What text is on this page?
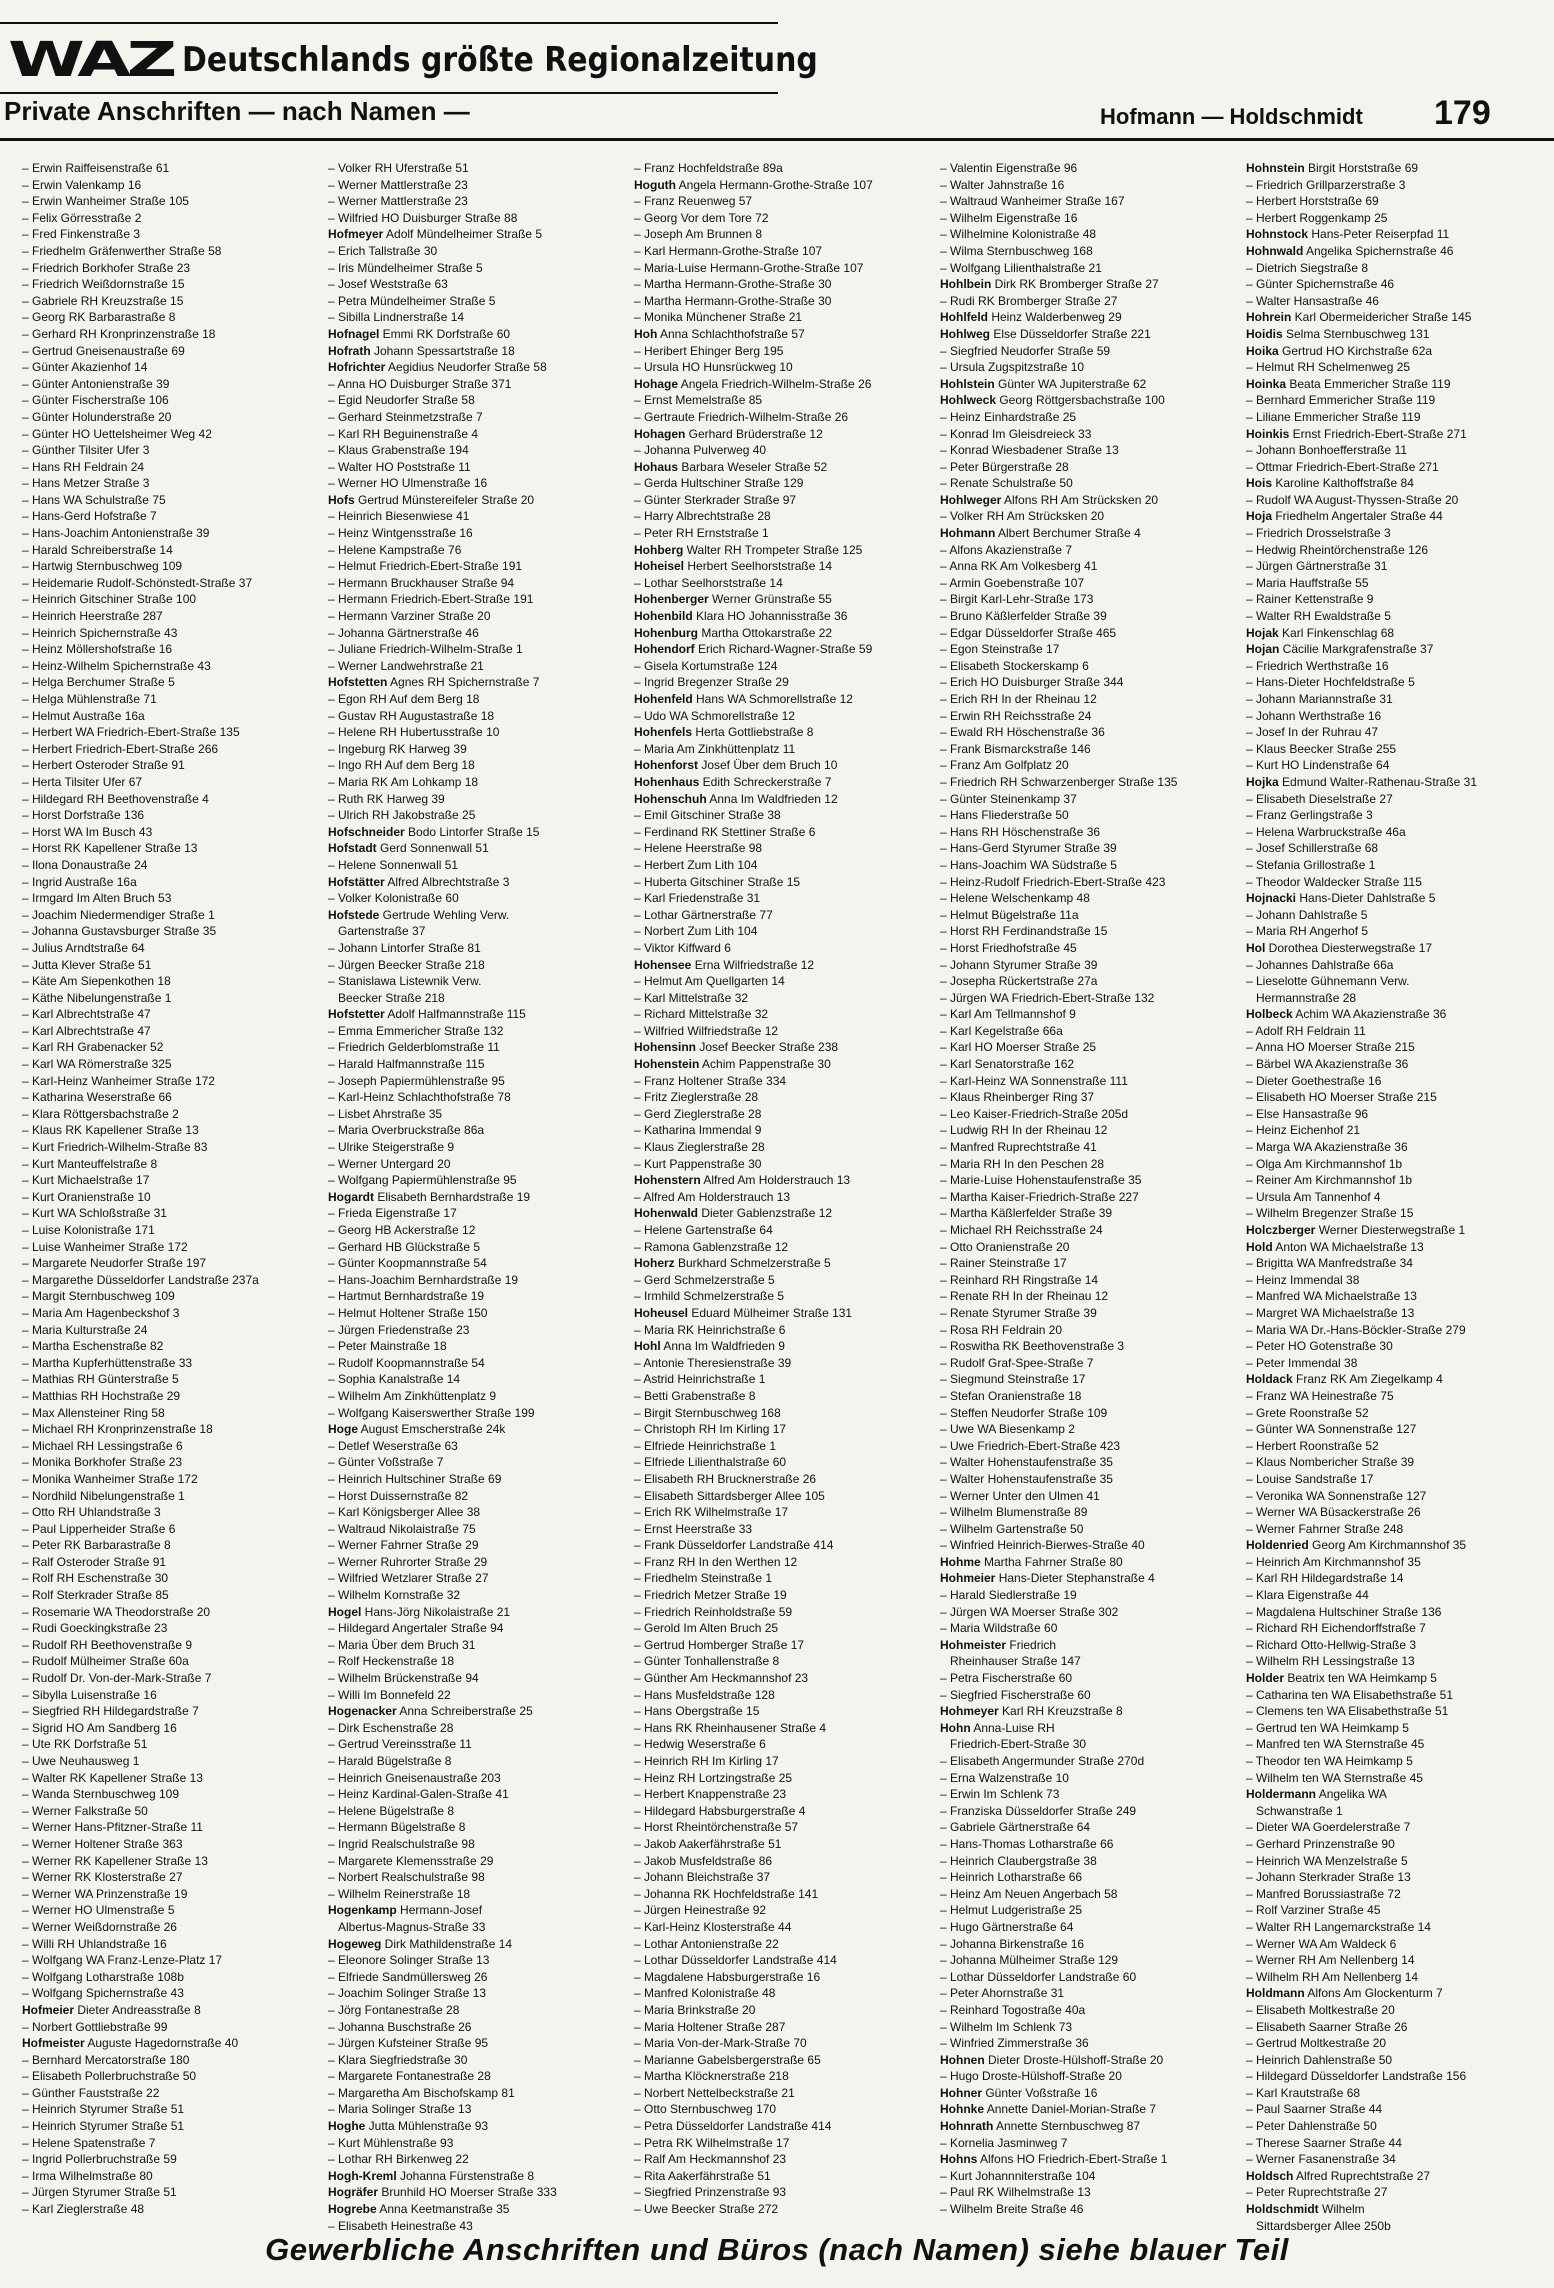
WAZ Deutschlands größte Regionalzeitung
Private Anschriften — nach Namen —	Hofmann — Holdschmidt 179
– Erwin Raiffeisenstraße 61
– Erwin Valenkamp 16
– Erwin Wanheimer Straße 105
– Felix Görresstraße 2
– Fred Finkenstraße 3
– Friedhelm Gräfenwerther Straße 58
– Friedrich Borkhofer Straße 23
– Friedrich Weißdornstraße 15
– Gabriele RH Kreuzstraße 15
– Georg RK Barbarastraße 8
– Gerhard RH Kronprinzenstraße 18
– Gertrud Gneisenaustraße 69
– Günter Akazienhof 14
– Günter Antonienstraße 39
– Günter Fischerstraße 106
– Günter Holunderstraße 20
– Günter HO Uettelsheimer Weg 42
– Günther Tilsiter Ufer 3
– Hans RH Feldrain 24
– Hans Metzer Straße 3
– Hans WA Schulstraße 75
– Hans-Gerd Hofstraße 7
– Hans-Joachim Antonienstraße 39
– Harald Schreiberstraße 14
– Hartwig Sternbuschweg 109
– Heidemarie Rudolf-Schönstedt-Straße 37
– Heinrich Gitschiner Straße 100
– Heinrich Heerstraße 287
– Heinrich Spichernstraße 43
– Heinz Möllershofstraße 16
– Heinz-Wilhelm Spichernstraße 43
– Helga Berchumer Straße 5
– Helga Mühlenstraße 71
– Helmut Austraße 16a
– Herbert WA Friedrich-Ebert-Straße 135
– Herbert Friedrich-Ebert-Straße 266
– Herbert Osteroder Straße 91
– Herta Tilsiter Ufer 67
– Hildegard RH Beethovenstraße 4
– Horst Dorfstraße 136
– Horst WA Im Busch 43
– Horst RK Kapellener Straße 13
– Ilona Donaustraße 24
– Ingrid Austraße 16a
– Irmgard Im Alten Bruch 53
– Joachim Niedermendiger Straße 1
– Johanna Gustavsburger Straße 35
– Julius Arndtstraße 64
– Jutta Klever Straße 51
– Käte Am Siepenkothen 18
– Käthe Nibelungenstraße 1
– Karl Albrechtstraße 47
– Karl Albrechtstraße 47
– Karl RH Grabenacker 52
– Karl WA Römerstraße 325
– Karl-Heinz Wanheimer Straße 172
– Katharina Weserstraße 66
– Klara Röttgersbachstraße 2
– Klaus RK Kapellener Straße 13
– Kurt Friedrich-Wilhelm-Straße 83
– Kurt Manteuffelstraße 8
– Kurt Michaelstraße 17
– Kurt Oranienstraße 10
– Kurt WA Schloßstraße 31
– Luise Kolonistraße 171
– Luise Wanheimer Straße 172
– Margarete Neudorfer Straße 197
– Margarethe Düsseldorfer Landstraße 237a
– Margit Sternbuschweg 109
– Maria Am Hagenbeckshof 3
– Maria Kulturstraße 24
– Martha Eschenstraße 82
– Martha Kupferhüttenstraße 33
– Mathias RH Günterstraße 5
– Matthias RH Hochstraße 29
– Max Allensteiner Ring 58
– Michael RH Kronprinzenstraße 18
– Michael RH Lessingstraße 6
– Monika Borkhofer Straße 23
– Monika Wanheimer Straße 172
– Nordhild Nibelungenstraße 1
– Otto RH Uhlandstraße 3
– Paul Lipperheider Straße 6
– Peter RK Barbarastraße 8
– Ralf Osteroder Straße 91
– Rolf RH Eschenstraße 30
– Rolf Sterkrader Straße 85
– Rosemarie WA Theodorstraße 20
– Rudi Goeckingkstraße 23
– Rudolf RH Beethovenstraße 9
– Rudolf Mülheimer Straße 60a
– Rudolf Dr. Von-der-Mark-Straße 7
– Sibylla Luisenstraße 16
– Siegfried RH Hildegardstraße 7
– Sigrid HO Am Sandberg 16
– Ute RK Dorfstraße 51
– Uwe Neuhausweg 1
– Walter RK Kapellener Straße 13
– Wanda Sternbuschweg 109
– Werner Falkstraße 50
– Werner Hans-Pfitzner-Straße 11
– Werner Holtener Straße 363
– Werner RK Kapellener Straße 13
– Werner RK Klosterstraße 27
– Werner WA Prinzenstraße 19
– Werner HO Ulmenstraße 5
– Werner Weißdornstraße 26
– Willi RH Uhlandstraße 16
– Wolfgang WA Franz-Lenze-Platz 17
– Wolfgang Lotharstraße 108b
– Wolfgang Spichernstraße 43
Hofmeier Dieter Andreasstraße 8
– Norbert Gottliebstraße 99
Hofmeister Auguste Hagedornstraße 40
– Bernhard Mercatorstraße 180
– Elisabeth Pollerbruchstraße 50
– Günther Fauststraße 22
– Heinrich Styrumer Straße 51
– Heinrich Styrumer Straße 51
– Helene Spatenstraße 7
– Ingrid Pollerbruchstraße 59
– Irma Wilhelmstraße 80
– Jürgen Styrumer Straße 51
– Karl Zieglerstraße 48
– Volker RH Uferstraße 51
– Werner Mattlerstraße 23
– Werner Mattlerstraße 23
– Wilfried HO Duisburger Straße 88
Hofmeyer Adolf Mündelheimer Straße 5
– Erich Tallstraße 30
– Iris Mündelheimer Straße 5
– Josef Weststraße 63
– Petra Mündelheimer Straße 5
– Sibilla Lindnerstraße 14
Hofnagel Emmi RK Dorfstraße 60
Hofrath Johann Spessartstraße 18
Hofrichter Aegidius Neudorfer Straße 58
– Anna HO Duisburger Straße 371
– Egid Neudorfer Straße 58
– Gerhard Steinmetzstraße 7
– Karl RH Beguinenstraße 4
– Klaus Grabenstraße 194
– Walter HO Poststraße 11
– Werner HO Ulmenstraße 16
Hofs Gertrud Münstereifeler Straße 20
– Heinrich Biesenwiese 41
– Heinz Wintgensstraße 16
– Helene Kampstraße 76
– Helmut Friedrich-Ebert-Straße 191
– Hermann Bruckhauser Straße 94
– Hermann Friedrich-Ebert-Straße 191
– Hermann Varziner Straße 20
– Johanna Gärtnerstraße 46
– Juliane Friedrich-Wilhelm-Straße 1
– Werner Landwehrstraße 21
Hofstetten Agnes RH Spichernstraße 7
– Egon RH Auf dem Berg 18
– Gustav RH Augustastraße 18
– Helene RH Hubertusstraße 10
– Ingeburg RK Harweg 39
– Ingo RH Auf dem Berg 18
– Maria RK Am Lohkamp 18
– Ruth RK Harweg 39
– Ulrich RH Jakobstraße 25
Hofschneider Bodo Lintorfer Straße 15
Hofstadt Gerd Sonnenwall 51
– Helene Sonnenwall 51
Hofstätter Alfred Albrechtstraße 3
– Volker Kolonistraße 60
Hofstede Gertrude Wehling Verw.
Gartenstraße 37
– Johann Lintorfer Straße 81
– Jürgen Beecker Straße 218
– Stanislawa Listewnik Verw.
Beecker Straße 218
Hofstetter Adolf Halfmannstraße 115
– Emma Emmericher Straße 132
– Friedrich Gelderblomstraße 11
– Harald Halfmannstraße 115
– Joseph Papiermühlenstraße 95
– Karl-Heinz Schlachthofstraße 78
– Lisbet Ahrstraße 35
– Maria Overbruckstraße 86a
– Ulrike Steigerstraße 9
– Werner Untergard 20
– Wolfgang Papiermühlenstraße 95
Hogardt Elisabeth Bernhardstraße 19
– Frieda Eigenstraße 17
– Georg HB Ackerstraße 12
– Gerhard HB Glückstraße 5
– Günter Koopmannstraße 54
– Hans-Joachim Bernhardstraße 19
– Hartmut Bernhardstraße 19
– Helmut Holtener Straße 150
– Jürgen Friedenstraße 23
– Peter Mainstraße 18
– Rudolf Koopmannstraße 54
– Sophia Kanalstraße 14
– Wilhelm Am Zinkhüttenplatz 9
– Wolfgang Kaiserswerther Straße 199
Hoge August Emscherstraße 24k
– Detlef Weserstraße 63
– Günter Voßstraße 7
– Heinrich Hultschiner Straße 69
– Horst Duissernstraße 82
– Karl Königsberger Allee 38
– Waltraud Nikolaistraße 75
– Werner Fahrner Straße 29
– Werner Ruhrorter Straße 29
– Wilfried Wetzlarer Straße 27
– Wilhelm Kornstraße 32
Hogel Hans-Jörg Nikolaistraße 21
– Hildegard Angertaler Straße 94
– Maria Über dem Bruch 31
– Rolf Heckenstraße 18
– Wilhelm Brückenstraße 94
– Willi Im Bonnefeld 22
Hogenacker Anna Schreiberstraße 25
– Dirk Eschenstraße 28
– Gertrud Vereinsstraße 11
– Harald Bügelstraße 8
– Heinrich Gneisenaustraße 203
– Heinz Kardinal-Galen-Straße 41
– Helene Bügelstraße 8
– Hermann Bügelstraße 8
– Ingrid Realschulstraße 98
– Margarete Klemensstraße 29
– Norbert Realschulstraße 98
– Wilhelm Reinerstraße 18
Hogenkamp Hermann-Josef
Albertus-Magnus-Straße 33
Hogeweg Dirk Mathildenstraße 14
– Eleonore Solinger Straße 13
– Elfriede Sandmüllersweg 26
– Joachim Solinger Straße 13
– Jörg Fontanestraße 28
– Johanna Buschstraße 26
– Jürgen Kufsteiner Straße 95
– Klara Siegfriedstraße 30
– Margarete Fontanestraße 28
– Margaretha Am Bischofskamp 81
– Maria Solinger Straße 13
Hoghe Jutta Mühlenstraße 93
– Kurt Mühlenstraße 93
– Lothar RH Birkenweg 22
Hogh-Kreml Johanna Fürstenstraße 8
Hogräfer Brunhild HO Moerser Straße 333
Hogrebe Anna Keetmanstraße 35
– Elisabeth Heinestraße 43
– Franz Hochfeldstraße 89a
Hoguth Angela Hermann-Grothe-Straße 107
– Franz Reuenweg 57
– Georg Vor dem Tore 72
– Joseph Am Brunnen 8
– Karl Hermann-Grothe-Straße 107
– Maria-Luise Hermann-Grothe-Straße 107
– Martha Hermann-Grothe-Straße 30
– Martha Hermann-Grothe-Straße 30
– Monika Münchener Straße 21
Hoh Anna Schlachthofstraße 57
– Heribert Ehinger Berg 195
– Ursula HO Hunsrückweg 10
Hohage Angela Friedrich-Wilhelm-Straße 26
– Ernst Memelstraße 85
– Gertraute Friedrich-Wilhelm-Straße 26
Hohagen Gerhard Brüderstraße 12
– Johanna Pulverweg 40
Hohaus Barbara Weseler Straße 52
– Gerda Hultschiner Straße 129
– Günter Sterkrader Straße 97
– Harry Albrechtstraße 28
– Peter RH Ernststraße 1
Hohberg Walter RH Trompeter Straße 125
Hoheisel Herbert Seelhorststraße 14
– Lothar Seelhorststraße 14
Hohenberger Werner Grünstraße 55
Hohenbild Klara HO Johannisstraße 36
Hohenburg Martha Ottokarstraße 22
Hohendorf Erich Richard-Wagner-Straße 59
– Gisela Kortumstraße 124
– Ingrid Bregenzer Straße 29
Hohenfeld Hans WA Schmorellstraße 12
– Udo WA Schmorellstraße 12
Hohenfels Herta Gottliebstraße 8
– Maria Am Zinkhüttenplatz 11
Hohenforst Josef Über dem Bruch 10
Hohenhaus Edith Schreckerstraße 7
Hohenschuh Anna Im Waldfrieden 12
– Emil Gitschiner Straße 38
– Ferdinand RK Stettiner Straße 6
– Helene Heerstraße 98
– Herbert Zum Lith 104
– Huberta Gitschiner Straße 15
– Karl Friedenstraße 31
– Lothar Gärtnerstraße 77
– Norbert Zum Lith 104
– Viktor Kiffward 6
Hohensee Erna Wilfriedstraße 12
– Helmut Am Quellgarten 14
– Karl Mittelstraße 32
– Richard Mittelstraße 32
– Wilfried Wilfriedstraße 12
Hohensinn Josef Beecker Straße 238
Hohenstein Achim Pappenstraße 30
– Franz Holtener Straße 334
– Fritz Zieglerstraße 28
– Gerd Zieglerstraße 28
– Katharina Immendal 9
– Klaus Zieglerstraße 28
– Kurt Pappenstraße 30
Hohenstern Alfred Am Holderstrauch 13
– Alfred Am Holderstrauch 13
Hohenwald Dieter Gablenzstraße 12
– Helene Gartenstraße 64
– Ramona Gablenzstraße 12
Hoherz Burkhard Schmelzerstraße 5
– Gerd Schmelzerstraße 5
– Irmhild Schmelzerstraße 5
Hoheusel Eduard Mülheimer Straße 131
– Maria RK Heinrichstraße 6
Hohl Anna Im Waldfrieden 9
– Antonie Theresienstraße 39
– Astrid Heinrichstraße 1
– Betti Grabenstraße 8
– Birgit Sternbuschweg 168
– Christoph RH Im Kirling 17
– Elfriede Heinrichstraße 1
– Elfriede Lilienthalstraße 60
– Elisabeth RH Brucknerstraße 26
– Elisabeth Sittardsberger Allee 105
– Erich RK Wilhelmstraße 17
– Ernst Heerstraße 33
– Frank Düsseldorfer Landstraße 414
– Franz RH In den Werthen 12
– Friedhelm Steinstraße 1
– Friedrich Metzer Straße 19
– Friedrich Reinholdstraße 59
– Gerold Im Alten Bruch 25
– Gertrud Homberger Straße 17
– Günter Tonhallenstraße 8
– Günther Am Heckmannshof 23
– Hans Musfeldstraße 128
– Hans Obergstraße 15
– Hans RK Rheinhausener Straße 4
– Hedwig Weserstraße 6
– Heinrich RH Im Kirling 17
– Heinz RH Lortzingstraße 25
– Herbert Knappenstraße 23
– Hildegard Habsburgerstraße 4
– Horst Rheintörchenstraße 57
– Jakob Aakerfährstraße 51
– Jakob Musfeldstraße 86
– Johann Bleichstraße 37
– Johanna RK Hochfeldstraße 141
– Jürgen Heinestraße 92
– Karl-Heinz Klosterstraße 44
– Lothar Antonienstraße 22
– Lothar Düsseldorfer Landstraße 414
– Magdalene Habsburgerstraße 16
– Manfred Kolonistraße 48
– Maria Brinkstraße 20
– Maria Holtener Straße 287
– Maria Von-der-Mark-Straße 70
– Marianne Gabelsbergerstraße 65
– Martha Klöcknerstraße 218
– Norbert Nettelbeckstraße 21
– Otto Sternbuschweg 170
– Petra Düsseldorfer Landstraße 414
– Petra RK Wilhelmstraße 17
– Ralf Am Heckmannshof 23
– Rita Aakerfährstraße 51
– Siegfried Prinzenstraße 93
– Uwe Beecker Straße 272
– Valentin Eigenstraße 96
– Walter Jahnstraße 16
– Waltraud Wanheimer Straße 167
– Wilhelm Eigenstraße 16
– Wilhelmine Kolonistraße 48
– Wilma Sternbuschweg 168
– Wolfgang Lilienthalstraße 21
Hohlbein Dirk RK Bromberger Straße 27
– Rudi RK Bromberger Straße 27
Hohlfeld Heinz Walderbenweg 29
Hohlweg Else Düsseldorfer Straße 221
– Siegfried Neudorfer Straße 59
– Ursula Zugspitzstraße 10
Hohlstein Günter WA Jupiterstraße 62
Hohlweck Georg Röttgersbachstraße 100
– Heinz Einhardstraße 25
– Konrad Im Gleisdreieck 33
– Konrad Wiesbadener Straße 13
– Peter Bürgerstraße 28
– Renate Schulstraße 50
Hohlweger Alfons RH Am Strücksken 20
– Volker RH Am Strücksken 20
Hohmann Albert Berchumer Straße 4
– Alfons Akazienstraße 7
– Anna RK Am Volkesberg 41
– Armin Goebenstraße 107
– Birgit Karl-Lehr-Straße 173
– Bruno Käßlerfelder Straße 39
– Edgar Düsseldorfer Straße 465
– Egon Steinstraße 17
– Elisabeth Stockerskamp 6
– Erich HO Duisburger Straße 344
– Erich RH In der Rheinau 12
– Erwin RH Reichsstraße 24
– Ewald RH Höschenstraße 36
– Frank Bismarckstraße 146
– Franz Am Golfplatz 20
– Friedrich RH Schwarzenberger Straße 135
– Günter Steinenkamp 37
– Hans Fliederstraße 50
– Hans RH Höschenstraße 36
– Hans-Gerd Styrumer Straße 39
– Hans-Joachim WA Südstraße 5
– Heinz-Rudolf Friedrich-Ebert-Straße 423
– Helene Welschenkamp 48
– Helmut Bügelstraße 11a
– Horst RH Ferdinandstraße 15
– Horst Friedhofstraße 45
– Johann Styrumer Straße 39
– Josepha Rückertstraße 27a
– Jürgen WA Friedrich-Ebert-Straße 132
– Karl Am Tellmannshof 9
– Karl Kegelstraße 66a
– Karl HO Moerser Straße 25
– Karl Senatorstraße 162
– Karl-Heinz WA Sonnenstraße 111
– Klaus Rheinberger Ring 37
– Leo Kaiser-Friedrich-Straße 205d
– Ludwig RH In der Rheinau 12
– Manfred Ruprechtstraße 41
– Maria RH In den Peschen 28
– Marie-Luise Hohenstaufenstraße 35
– Martha Kaiser-Friedrich-Straße 227
– Martha Käßlerfelder Straße 39
– Michael RH Reichsstraße 24
– Otto Oranienstraße 20
– Rainer Steinstraße 17
– Reinhard RH Ringstraße 14
– Renate RH In der Rheinau 12
– Renate Styrumer Straße 39
– Rosa RH Feldrain 20
– Roswitha RK Beethovenstraße 3
– Rudolf Graf-Spee-Straße 7
– Siegmund Steinstraße 17
– Stefan Oranienstraße 18
– Steffen Neudorfer Straße 109
– Uwe WA Biesenkamp 2
– Uwe Friedrich-Ebert-Straße 423
– Walter Hohenstaufenstraße 35
– Walter Hohenstaufenstraße 35
– Werner Unter den Ulmen 41
– Wilhelm Blumenstraße 89
– Wilhelm Gartenstraße 50
– Winfried Heinrich-Bierwes-Straße 40
Hohme Martha Fahrner Straße 80
Hohmeier Hans-Dieter Stephanstraße 4
– Harald Siedlerstraße 19
– Jürgen WA Moerser Straße 302
– Maria Wildstraße 60
Hohmeister Friedrich
Rheinhauser Straße 147
– Petra Fischerstraße 60
– Siegfried Fischerstraße 60
Hohmeyer Karl RH Kreuzstraße 8
Hohn Anna-Luise RH
Friedrich-Ebert-Straße 30
– Elisabeth Angermunder Straße 270d
– Erna Walzenstraße 10
– Erwin Im Schlenk 73
– Franziska Düsseldorfer Straße 249
– Gabriele Gärtnerstraße 64
– Hans-Thomas Lotharstraße 66
– Heinrich Claubergstraße 38
– Heinrich Lotharstraße 66
– Heinz Am Neuen Angerbach 58
– Helmut Ludgeristraße 25
– Hugo Gärtnerstraße 64
– Johanna Birkenstraße 16
– Johanna Mülheimer Straße 129
– Lothar Düsseldorfer Landstraße 60
– Peter Ahornstraße 31
– Reinhard Togostraße 40a
– Wilhelm Im Schlenk 73
– Winfried Zimmerstraße 36
Hohnen Dieter Droste-Hülshoff-Straße 20
– Hugo Droste-Hülshoff-Straße 20
Hohner Günter Voßstraße 16
Hohnke Annette Daniel-Morian-Straße 7
Hohnrath Annette Sternbuschweg 87
– Kornelia Jasminweg 7
Hohns Alfons HO Friedrich-Ebert-Straße 1
– Kurt Johannniterstraße 104
– Paul RK Wilhelmstraße 13
– Wilhelm Breite Straße 46
Hohnstein Birgit Horststraße 69
– Friedrich Grillparzerstraße 3
– Herbert Horststraße 69
– Herbert Roggenkamp 25
Hohnstock Hans-Peter Reiserpfad 11
Hohnwald Angelika Spichernstraße 46
– Dietrich Siegstraße 8
– Günter Spichernstraße 46
– Walter Hansastraße 46
Hohrein Karl Obermeidericher Straße 145
Hoidis Selma Sternbuschweg 131
Hoika Gertrud HO Kirchstraße 62a
– Helmut RH Schelmenweg 25
Hoinka Beata Emmericher Straße 119
– Bernhard Emmericher Straße 119
– Liliane Emmericher Straße 119
Hoinkis Ernst Friedrich-Ebert-Straße 271
– Johann Bonhoefferstraße 11
– Ottmar Friedrich-Ebert-Straße 271
Hois Karoline Kalthoffstraße 84
– Rudolf WA August-Thyssen-Straße 20
Hoja Friedhelm Angertaler Straße 44
– Friedrich Drosselstraße 3
– Hedwig Rheintörchenstraße 126
– Jürgen Gärtnerstraße 31
– Maria Hauffstraße 55
– Rainer Kettenstraße 9
– Walter RH Ewaldstraße 5
Hojak Karl Finkenschlag 68
Hojan Cäcilie Markgrafenstraße 37
– Friedrich Werthstraße 16
– Hans-Dieter Hochfeldstraße 5
– Johann Mariannstraße 31
– Johann Werthstraße 16
– Josef In der Ruhrau 47
– Klaus Beecker Straße 255
– Kurt HO Lindenstraße 64
Hojka Edmund Walter-Rathenau-Straße 31
– Elisabeth Dieselstraße 27
– Franz Gerlingstraße 3
– Helena Warbruckstraße 46a
– Josef Schillerstraße 68
– Stefania Grillostraße 1
– Theodor Waldecker Straße 115
Hojnacki Hans-Dieter Dahlstraße 5
– Johann Dahlstraße 5
– Maria RH Angerhof 5
Hol Dorothea Diesterwegstraße 17
– Johannes Dahlstraße 66a
– Lieselotte Gühnemann Verw.
Hermannstraße 28
Holbeck Achim WA Akazienstraße 36
– Adolf RH Feldrain 11
– Anna HO Moerser Straße 215
– Bärbel WA Akazienstraße 36
– Dieter Goethestraße 16
– Elisabeth HO Moerser Straße 215
– Else Hansastraße 96
– Heinz Eichenhof 21
– Marga WA Akazienstraße 36
– Olga Am Kirchmannshof 1b
– Reiner Am Kirchmannshof 1b
– Ursula Am Tannenhof 4
– Wilhelm Bregenzer Straße 15
Holczberger Werner Diesterwegstraße 1
Hold Anton WA Michaelstraße 13
– Brigitta WA Manfredstraße 34
– Heinz Immendal 38
– Manfred WA Michaelstraße 13
– Margret WA Michaelstraße 13
– Maria WA Dr.-Hans-Böckler-Straße 279
– Peter HO Gotenstraße 30
– Peter Immendal 38
Holdack Franz RK Am Ziegelkamp 4
– Franz WA Heinestraße 75
– Grete Roonstraße 52
– Günter WA Sonnenstraße 127
– Herbert Roonstraße 52
– Klaus Nombericher Straße 39
– Louise Sandstraße 17
– Veronika WA Sonnenstraße 127
– Werner WA Büsackerstraße 26
– Werner Fahrner Straße 248
Holdenried Georg Am Kirchmannshof 35
– Heinrich Am Kirchmannshof 35
– Karl RH Hildegardstraße 14
– Klara Eigenstraße 44
– Magdalena Hultschiner Straße 136
– Richard RH Eichendorffstraße 7
– Richard Otto-Hellwig-Straße 3
– Wilhelm RH Lessingstraße 13
Holder Beatrix ten WA Heimkamp 5
– Catharina ten WA Elisabethstraße 51
– Clemens ten WA Elisabethstraße 51
– Gertrud ten WA Heimkamp 5
– Manfred ten WA Sternstraße 45
– Theodor ten WA Heimkamp 5
– Wilhelm ten WA Sternstraße 45
Holdermann Angelika WA
Schwanstraße 1
– Dieter WA Goerdelerstraße 7
– Gerhard Prinzenstraße 90
– Heinrich WA Menzelstraße 5
– Johann Sterkrader Straße 13
– Manfred Borussiastraße 72
– Rolf Varziner Straße 45
– Walter RH Langemarckstraße 14
– Werner WA Am Waldeck 6
– Werner RH Am Nellenberg 14
– Wilhelm RH Am Nellenberg 14
Holdmann Alfons Am Glockenturm 7
– Elisabeth Moltkestraße 20
– Elisabeth Saarner Straße 26
– Gertrud Moltkestraße 20
– Heinrich Dahlenstraße 50
– Hildegard Düsseldorfer Landstraße 156
– Karl Krautstraße 68
– Paul Saarner Straße 44
– Peter Dahlenstraße 50
– Therese Saarner Straße 44
– Werner Fasanenstraße 34
Holdsch Alfred Ruprechtstraße 27
– Peter Ruprechtstraße 27
Holdschmidt Wilhelm
Sittardsberger Allee 250b
Gewerbliche Anschriften und Büros (nach Namen) siehe blauer Teil
